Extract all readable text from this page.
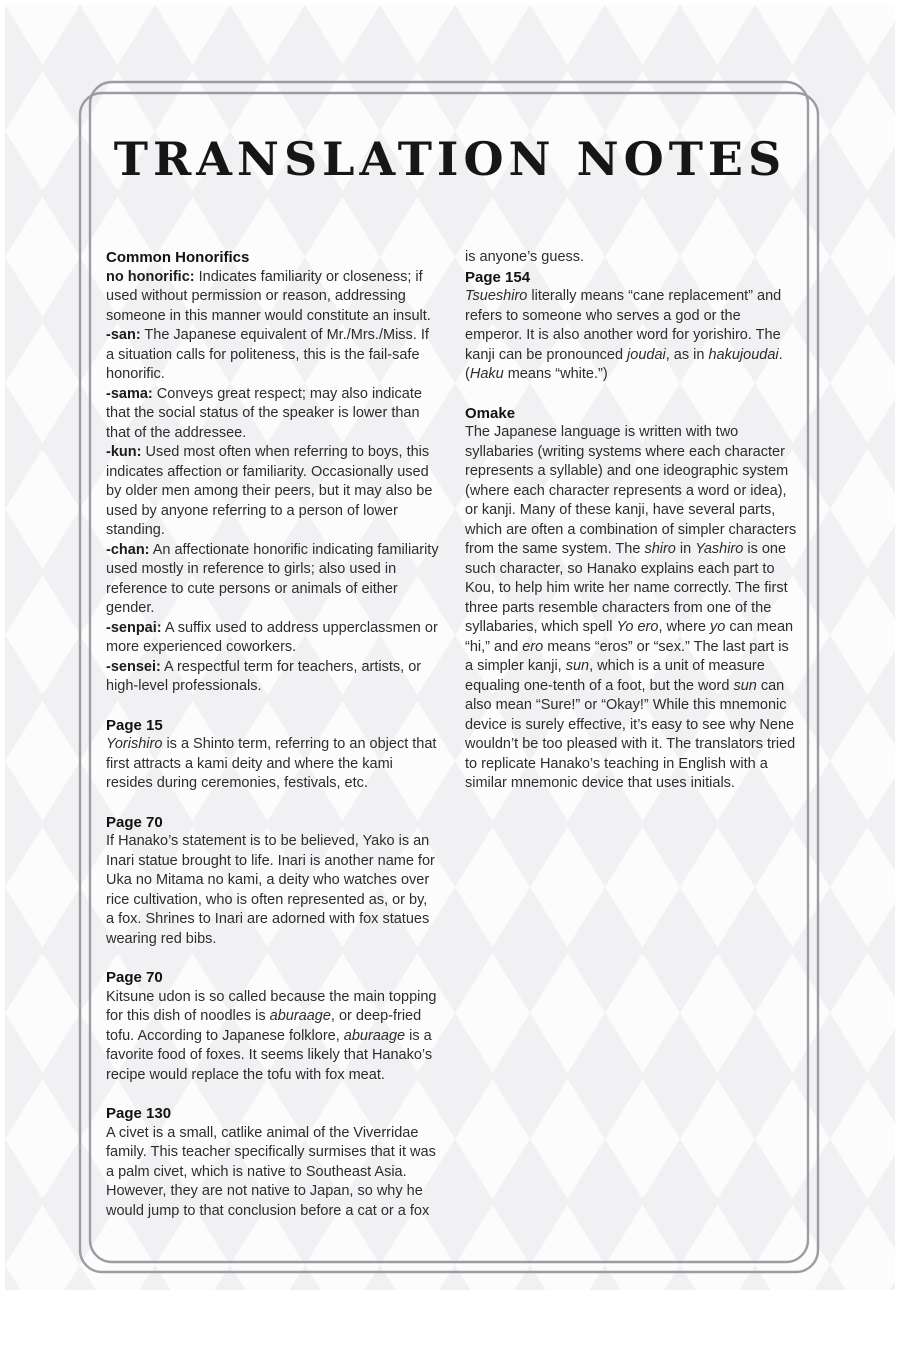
TRANSLATION NOTES
Common Honorifics

no honorific: Indicates familiarity or closeness; if used without permission or reason, addressing someone in this manner would constitute an insult.

-san: The Japanese equivalent of Mr./Mrs./Miss. If a situation calls for politeness, this is the fail-safe honorific.

-sama: Conveys great respect; may also indicate that the social status of the speaker is lower than that of the addressee.

-kun: Used most often when referring to boys, this indicates affection or familiarity. Occasionally used by older men among their peers, but it may also be used by anyone referring to a person of lower standing.

-chan: An affectionate honorific indicating familiarity used mostly in reference to girls; also used in reference to cute persons or animals of either gender.

-senpai: A suffix used to address upperclassmen or more experienced coworkers.

-sensei: A respectful term for teachers, artists, or high-level professionals.

Page 15

Yorishiro is a Shinto term, referring to an object that first attracts a kami deity and where the kami resides during ceremonies, festivals, etc.

Page 70

If Hanako’s statement is to be believed, Yako is an Inari statue brought to life. Inari is another name for Uka no Mitama no kami, a deity who watches over rice cultivation, who is often represented as, or by, a fox. Shrines to Inari are adorned with fox statues wearing red bibs.

Page 70

Kitsune udon is so called because the main topping for this dish of noodles is aburaage, or deep-fried tofu. According to Japanese folklore, aburaage is a favorite food of foxes. It seems likely that Hanako’s recipe would replace the tofu with fox meat.

Page 130

A civet is a small, catlike animal of the Viverridae family. This teacher specifically surmises that it was a palm civet, which is native to Southeast Asia. However, they are not native to Japan, so why he would jump to that conclusion before a cat or a fox

is anyone’s guess.

Page 154

Tsueshiro literally means “cane replacement” and refers to someone who serves a god or the emperor. It is also another word for yorishiro. The kanji can be pronounced joudai, as in hakujoudai. (Haku means “white.”)

Omake

The Japanese language is written with two syllabaries (writing systems where each character represents a syllable) and one ideographic system (where each character represents a word or idea), or kanji. Many of these kanji, have several parts, which are often a combination of simpler characters from the same system. The shiro in Yashiro is one such character, so Hanako explains each part to Kou, to help him write her name correctly. The first three parts resemble characters from one of the syllabaries, which spell Yo ero, where yo can mean “hi,” and ero means “eros” or “sex.” The last part is a simpler kanji, sun, which is a unit of measure equaling one-tenth of a foot, but the word sun can also mean “Sure!” or “Okay!” While this mnemonic device is surely effective, it’s easy to see why Nene wouldn’t be too pleased with it. The translators tried to replicate Hanako’s teaching in English with a similar mnemonic device that uses initials.
